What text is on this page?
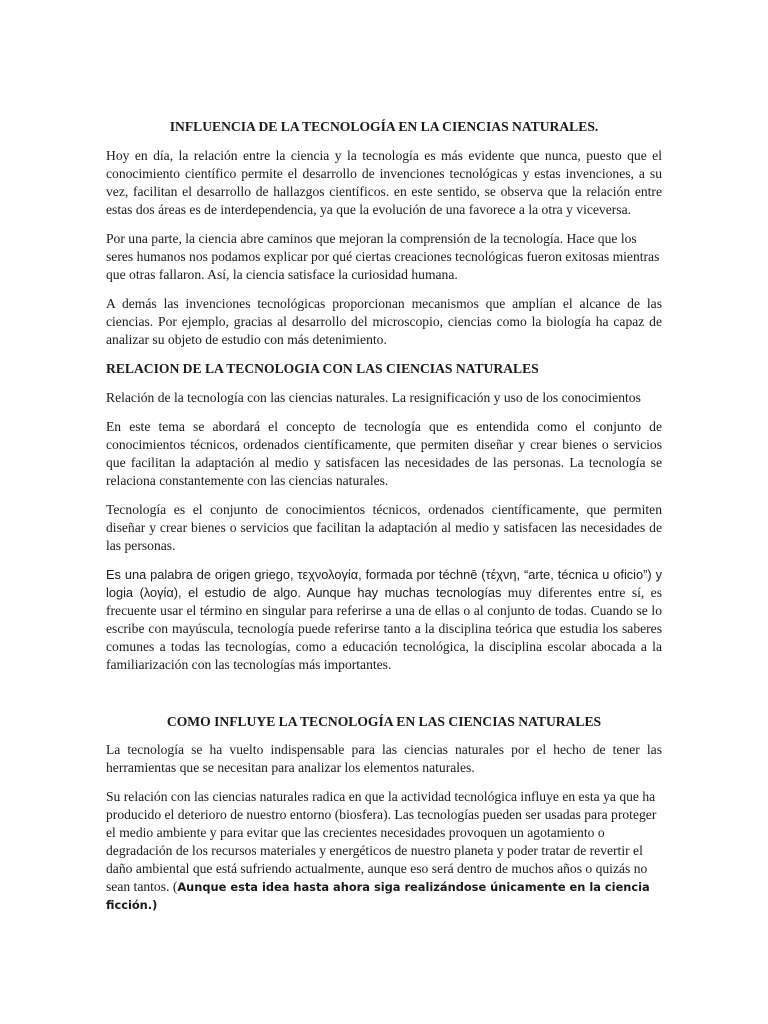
INFLUENCIA DE LA TECNOLOGÍA EN LA CIENCIAS NATURALES.

Hoy en día, la relación entre la ciencia y la tecnología es más evidente que nunca, puesto que el conocimiento científico permite el desarrollo de invenciones tecnológicas y estas invenciones, a su vez, facilitan el desarrollo de hallazgos científicos. en este sentido, se observa que la relación entre estas dos áreas es de interdependencia, ya que la evolución de una favorece a la otra y viceversa.

Por una parte, la ciencia abre caminos que mejoran la comprensión de la tecnología. Hace que los seres humanos nos podamos explicar por qué ciertas creaciones tecnológicas fueron exitosas mientras que otras fallaron. Así, la ciencia satisface la curiosidad humana.

A demás las invenciones tecnológicas proporcionan mecanismos que amplían el alcance de las ciencias. Por ejemplo, gracias al desarrollo del microscopio, ciencias como la biología ha capaz de analizar su objeto de estudio con más detenimiento.

RELACION DE LA TECNOLOGIA CON LAS CIENCIAS NATURALES

Relación de la tecnología con las ciencias naturales. La resignificación y uso de los conocimientos

En este tema se abordará el concepto de tecnología que es entendida como el conjunto de conocimientos técnicos, ordenados científicamente, que permiten diseñar y crear bienes o servicios que facilitan la adaptación al medio y satisfacen las necesidades de las personas. La tecnología se relaciona constantemente con las ciencias naturales.

Tecnología es el conjunto de conocimientos técnicos, ordenados científicamente, que permiten diseñar y crear bienes o servicios que facilitan la adaptación al medio y satisfacen las necesidades de las personas.

Es una palabra de origen griego, τεχνολογία, formada por téchnē (τέχνη, “arte, técnica u oficio”) y logia (λογία), el estudio de algo. Aunque hay muchas tecnologías muy diferentes entre sí, es frecuente usar el término en singular para referirse a una de ellas o al conjunto de todas. Cuando se lo escribe con mayúscula, tecnología puede referirse tanto a la disciplina teórica que estudia los saberes comunes a todas las tecnologías, como a educación tecnológica, la disciplina escolar abocada a la familiarización con las tecnologías más importantes.

COMO INFLUYE LA TECNOLOGÍA EN LAS CIENCIAS NATURALES

La tecnología se ha vuelto indispensable para las ciencias naturales por el hecho de tener las herramientas que se necesitan para analizar los elementos naturales.

Su relación con las ciencias naturales radica en que la actividad tecnológica influye en esta ya que ha producido el deterioro de nuestro entorno (biosfera). Las tecnologías pueden ser usadas para proteger el medio ambiente y para evitar que las crecientes necesidades provoquen un agotamiento o degradación de los recursos materiales y energéticos de nuestro planeta y poder tratar de revertir el daño ambiental que está sufriendo actualmente, aunque eso será dentro de muchos años o quizás no sean tantos. (Aunque esta idea hasta ahora siga realizándose únicamente en la ciencia ficción.)
